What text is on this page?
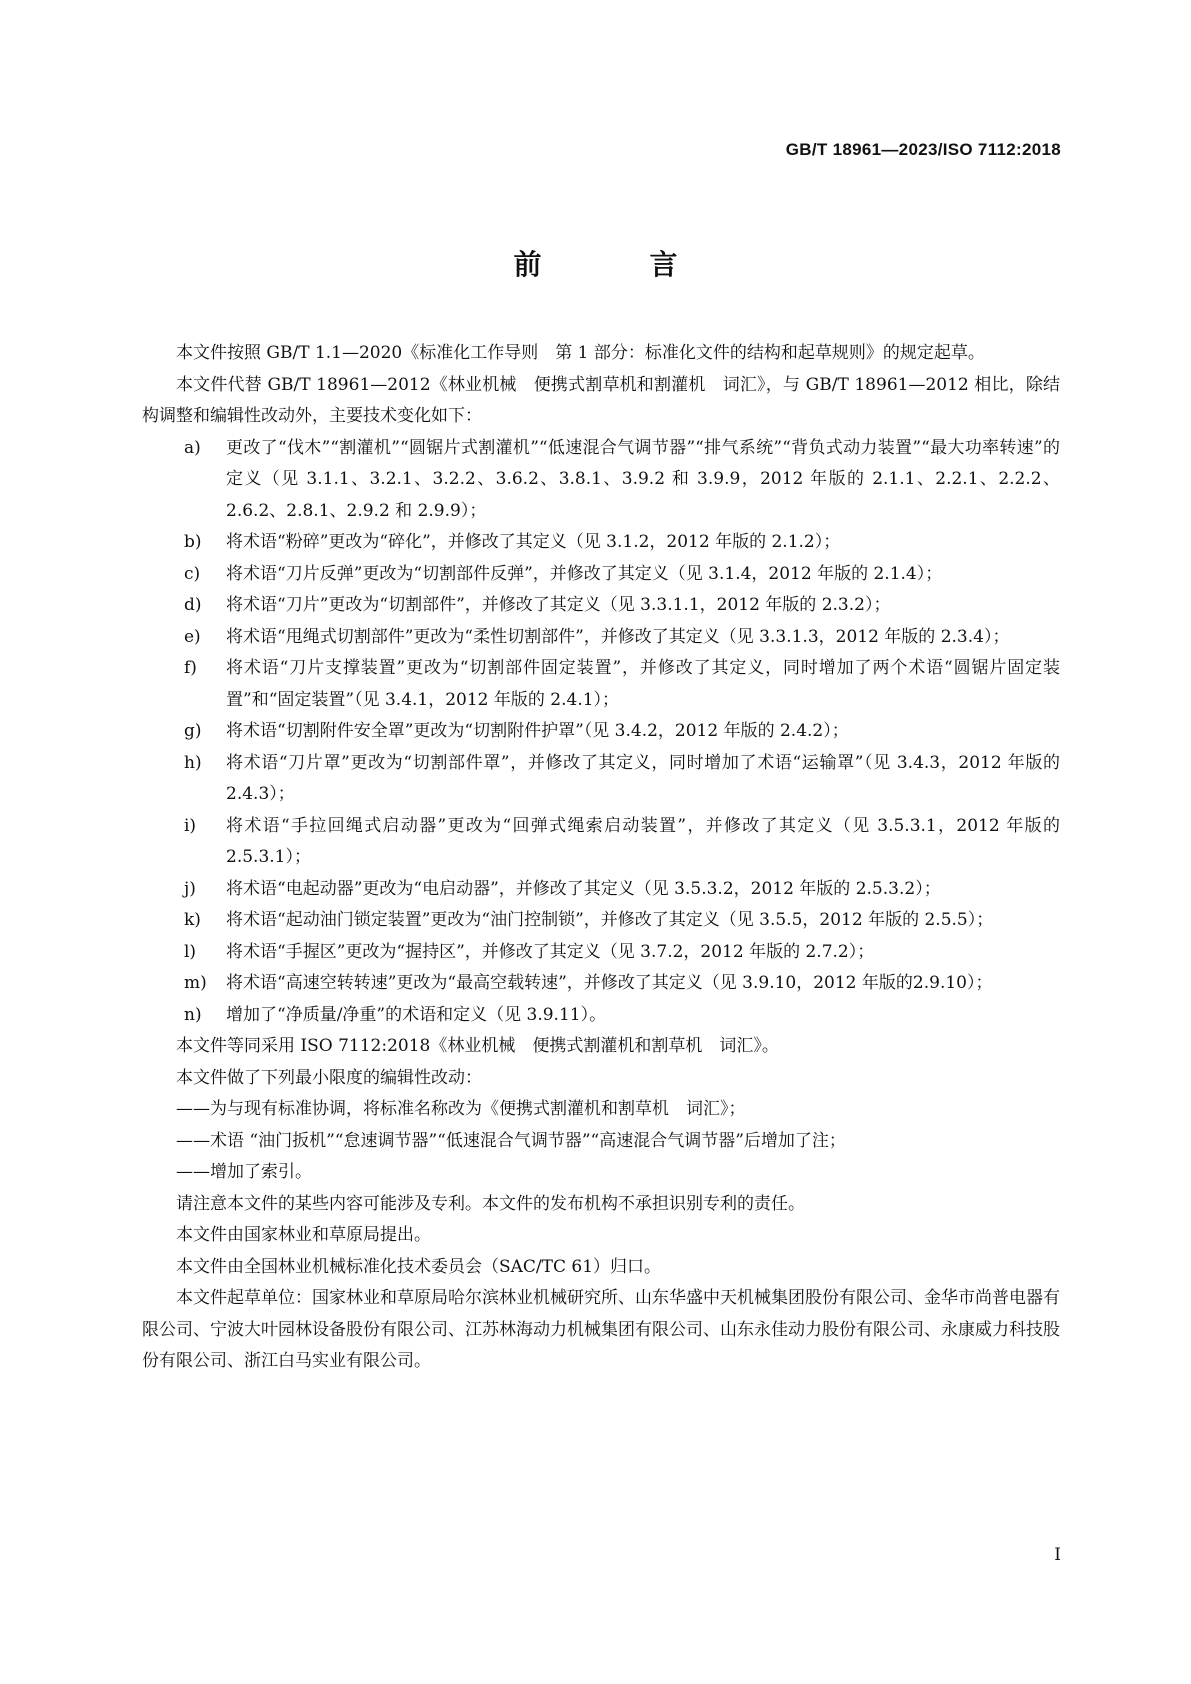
GB/T 18961—2023/ISO 7112:2018
前　言

本文件按照 GB/T 1.1—2020《标准化工作导则　第 1 部分：标准化文件的结构和起草规则》的规定起草。

本文件代替 GB/T 18961—2012《林业机械　便携式割草机和割灌机　词汇》，与 GB/T 18961—2012 相比，除结构调整和编辑性改动外，主要技术变化如下：

a) 更改了“伐木”“割灌机”“圆锯片式割灌机”“低速混合气调节器”“排气系统”“背负式动力装置”“最大功率转速”的定义（见 3.1.1、3.2.1、3.2.2、3.6.2、3.8.1、3.9.2 和 3.9.9，2012 年版的 2.1.1、2.2.1、2.2.2、2.6.2、2.8.1、2.9.2 和 2.9.9）；

b) 将术语“粉碎”更改为“碎化”，并修改了其定义（见 3.1.2，2012 年版的 2.1.2）；

c) 将术语“刀片反弹”更改为“切割部件反弹”，并修改了其定义（见 3.1.4，2012 年版的 2.1.4）；

d) 将术语“刀片”更改为“切割部件”，并修改了其定义（见 3.3.1.1，2012 年版的 2.3.2）；

e) 将术语“甩绳式切割部件”更改为“柔性切割部件”，并修改了其定义（见 3.3.1.3，2012 年版的 2.3.4）；

f) 将术语“刀片支撑装置”更改为“切割部件固定装置”，并修改了其定义，同时增加了两个术语“圆锯片固定装置”和“固定装置”（见 3.4.1，2012 年版的 2.4.1）；

g) 将术语“切割附件安全罩”更改为“切割附件护罩”（见 3.4.2，2012 年版的 2.4.2）；

h) 将术语“刀片罩”更改为“切割部件罩”，并修改了其定义，同时增加了术语“运输罩”（见 3.4.3，2012 年版的 2.4.3）；

i) 将术语“手拉回绳式启动器”更改为“回弹式绳索启动装置”，并修改了其定义（见 3.5.3.1，2012 年版的 2.5.3.1）；

j) 将术语“电起动器”更改为“电启动器”，并修改了其定义（见 3.5.3.2，2012 年版的 2.5.3.2）；

k) 将术语“起动油门锁定装置”更改为“油门控制锁”，并修改了其定义（见 3.5.5，2012 年版的 2.5.5）；

l) 将术语“手握区”更改为“握持区”，并修改了其定义（见 3.7.2，2012 年版的 2.7.2）；

m) 将术语“高速空转转速”更改为“最高空载转速”，并修改了其定义（见 3.9.10，2012 年版的2.9.10）；

n) 增加了“净质量/净重”的术语和定义（见 3.9.11）。

本文件等同采用 ISO 7112:2018《林业机械　便携式割灌机和割草机　词汇》。

本文件做了下列最小限度的编辑性改动：

——为与现有标准协调，将标准名称改为《便携式割灌机和割草机　词汇》；

——术语 “油门扳机”“怠速调节器”“低速混合气调节器”“高速混合气调节器”后增加了注；

——增加了索引。

请注意本文件的某些内容可能涉及专利。本文件的发布机构不承担识别专利的责任。

本文件由国家林业和草原局提出。

本文件由全国林业机械标准化技术委员会（SAC/TC 61）归口。

本文件起草单位：国家林业和草原局哈尔滨林业机械研究所、山东华盛中天机械集团股份有限公司、金华市尚普电器有限公司、宁波大叶园林设备股份有限公司、江苏林海动力机械集团有限公司、山东永佳动力股份有限公司、永康威力科技股份有限公司、浙江白马实业有限公司。

I
